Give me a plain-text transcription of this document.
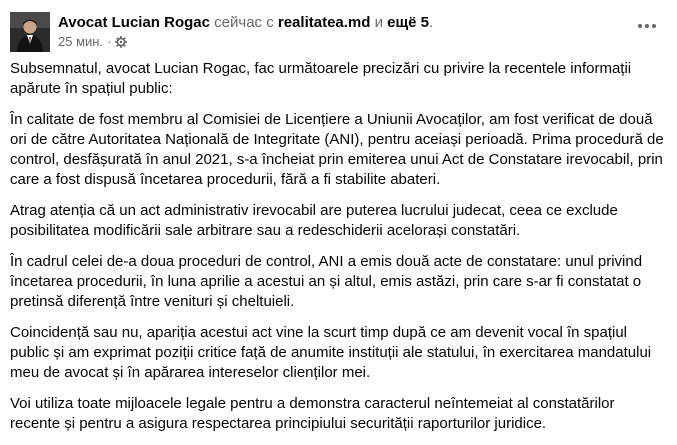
Avocat Lucian Rogac сейчас с realitatea.md и ещё 5.
25 мин. ·

Subsemnatul, avocat Lucian Rogac, fac următoarele precizări cu privire la recentele informații apărute în spațiul public:

În calitate de fost membru al Comisiei de Licențiere a Uniunii Avocaților, am fost verificat de două ori de către Autoritatea Națională de Integritate (ANI), pentru aceiași perioadă. Prima procedură de control, desfășurată în anul 2021, s-a încheiat prin emiterea unui Act de Constatare irevocabil, prin care a fost dispusă încetarea procedurii, fără a fi stabilite abateri.

Atrag atenția că un act administrativ irevocabil are puterea lucrului judecat, ceea ce exclude posibilitatea modificării sale arbitrare sau a redeschiderii acelorași constatări.

În cadrul celei de-a doua proceduri de control, ANI a emis două acte de constatare: unul privind încetarea procedurii, în luna aprilie a acestui an și altul, emis astăzi, prin care s-ar fi constatat o pretinsă diferență între venituri și cheltuieli.

Coincidență sau nu, apariția acestui act vine la scurt timp după ce am devenit vocal în spațiul public și am exprimat poziții critice față de anumite instituții ale statului, în exercitarea mandatului meu de avocat și în apărarea intereselor clienților mei.

Voi utiliza toate mijloacele legale pentru a demonstra caracterul neîntemeiat al constatărilor recente și pentru a asigura respectarea principiului securității raporturilor juridice.
